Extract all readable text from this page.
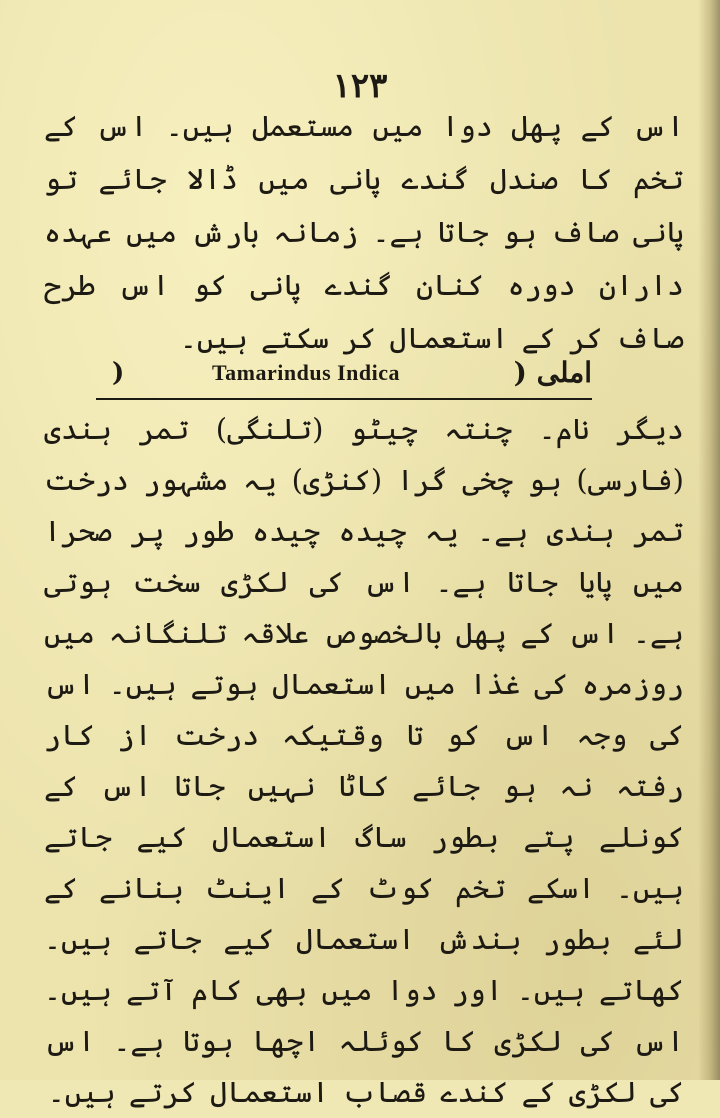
۱۲۳
اس کے پھل دوا میں مستعمل ہیں۔ اس کے تخم کا صندل گندے پانی میں ڈالا جائے تو پانی صاف ہو جاتا ہے۔ زمانہ بارش میں عہدہ داران دورہ کنان گندے پانی کو اس طرح صاف کر کے استعمال کر سکتے ہیں۔
)	Tamarindus Indica	املی (
دیگر نام۔ چنتہ چیٹو (تلنگی) تمر ہندی (فارسی) ہو چخی گرا (کنڑی) یہ مشہور درخت تمر ہندی ہے۔ یہ چیدہ چیدہ طور پر صحرا میں پایا جاتا ہے۔ اس کی لکڑی سخت ہوتی ہے۔ اس کے پھل بالخصوص علاقہ تلنگانہ میں روزمرہ کی غذا میں استعمال ہوتے ہیں۔ اس کی وجہ اس کو تا وقتیکہ درخت از کار رفتہ نہ ہو جائے کاٹا نہیں جاتا اس کے کونلے پتے بطور ساگ استعمال کیے جاتے ہیں۔ اسکے تخم کوٹ کے اینٹ بنانے کے لئے بطور بندش استعمال کیے جاتے ہیں۔ کھاتے ہیں۔ اور دوا میں بھی کام آتے ہیں۔ اس کی لکڑی کا کوئلہ اچھا ہوتا ہے۔ اس کی لکڑی کے کندے قصاب استعمال کرتے ہیں۔
